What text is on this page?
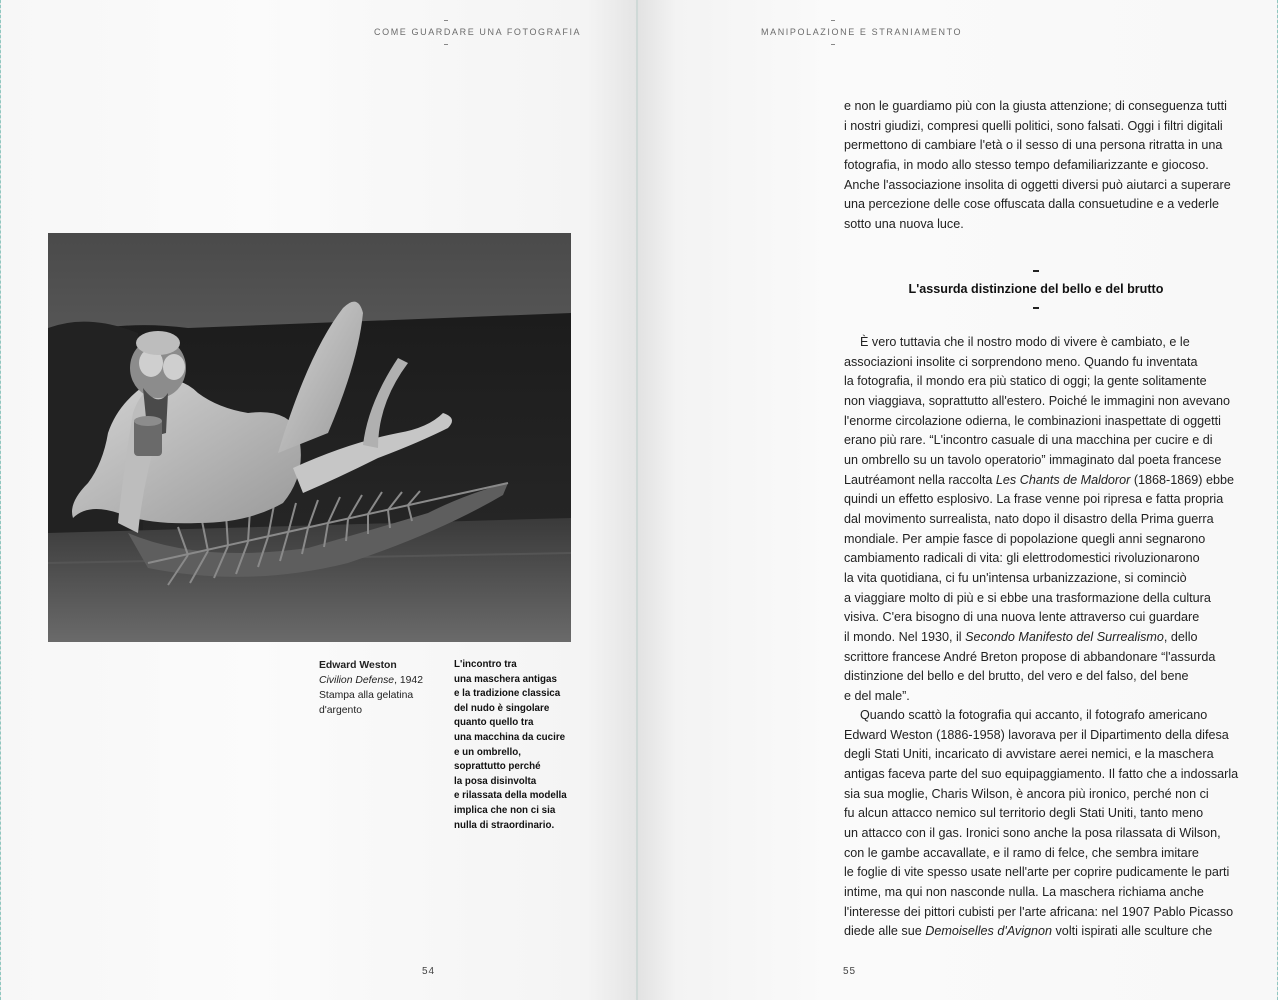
COME GUARDARE UNA FOTOGRAFIA
Edward Weston
Civilion Defense, 1942
Stampa alla gelatina
d'argento
L'incontro tra
una maschera antigas
e la tradizione classica
del nudo è singolare
quanto quello tra
una macchina da cucire
e un ombrello,
soprattutto perché
la posa disinvolta
e rilassata della modella
implica che non ci sia
nulla di straordinario.
54
MANIPOLAZIONE E STRANIAMENTO
55
e non le guardiamo più con la giusta attenzione; di conseguenza tutti
i nostri giudizi, compresi quelli politici, sono falsati. Oggi i filtri digitali
permettono di cambiare l'età o il sesso di una persona ritratta in una
fotografia, in modo allo stesso tempo defamiliarizzante e giocoso.
Anche l'associazione insolita di oggetti diversi può aiutarci a superare
una percezione delle cose offuscata dalla consuetudine e a vederle
sotto una nuova luce.
L'assurda distinzione del bello e del brutto
È vero tuttavia che il nostro modo di vivere è cambiato, e le
associazioni insolite ci sorprendono meno. Quando fu inventata
la fotografia, il mondo era più statico di oggi; la gente solitamente
non viaggiava, soprattutto all'estero. Poiché le immagini non avevano
l'enorme circolazione odierna, le combinazioni inaspettate di oggetti
erano più rare. “L'incontro casuale di una macchina per cucire e di
un ombrello su un tavolo operatorio” immaginato dal poeta francese
Lautréamont nella raccolta Les Chants de Maldoror (1868-1869) ebbe
quindi un effetto esplosivo. La frase venne poi ripresa e fatta propria
dal movimento surrealista, nato dopo il disastro della Prima guerra
mondiale. Per ampie fasce di popolazione quegli anni segnarono
cambiamento radicali di vita: gli elettrodomestici rivoluzionarono
la vita quotidiana, ci fu un'intensa urbanizzazione, si cominciò
a viaggiare molto di più e si ebbe una trasformazione della cultura
visiva. C'era bisogno di una nuova lente attraverso cui guardare
il mondo. Nel 1930, il Secondo Manifesto del Surrealismo, dello
scrittore francese André Breton propose di abbandonare “l'assurda
distinzione del bello e del brutto, del vero e del falso, del bene
e del male”.
Quando scattò la fotografia qui accanto, il fotografo americano
Edward Weston (1886-1958) lavorava per il Dipartimento della difesa
degli Stati Uniti, incaricato di avvistare aerei nemici, e la maschera
antigas faceva parte del suo equipaggiamento. Il fatto che a indossarla
sia sua moglie, Charis Wilson, è ancora più ironico, perché non ci
fu alcun attacco nemico sul territorio degli Stati Uniti, tanto meno
un attacco con il gas. Ironici sono anche la posa rilassata di Wilson,
con le gambe accavallate, e il ramo di felce, che sembra imitare
le foglie di vite spesso usate nell'arte per coprire pudicamente le parti
intime, ma qui non nasconde nulla. La maschera richiama anche
l'interesse dei pittori cubisti per l'arte africana: nel 1907 Pablo Picasso
diede alle sue Demoiselles d'Avignon volti ispirati alle sculture che
